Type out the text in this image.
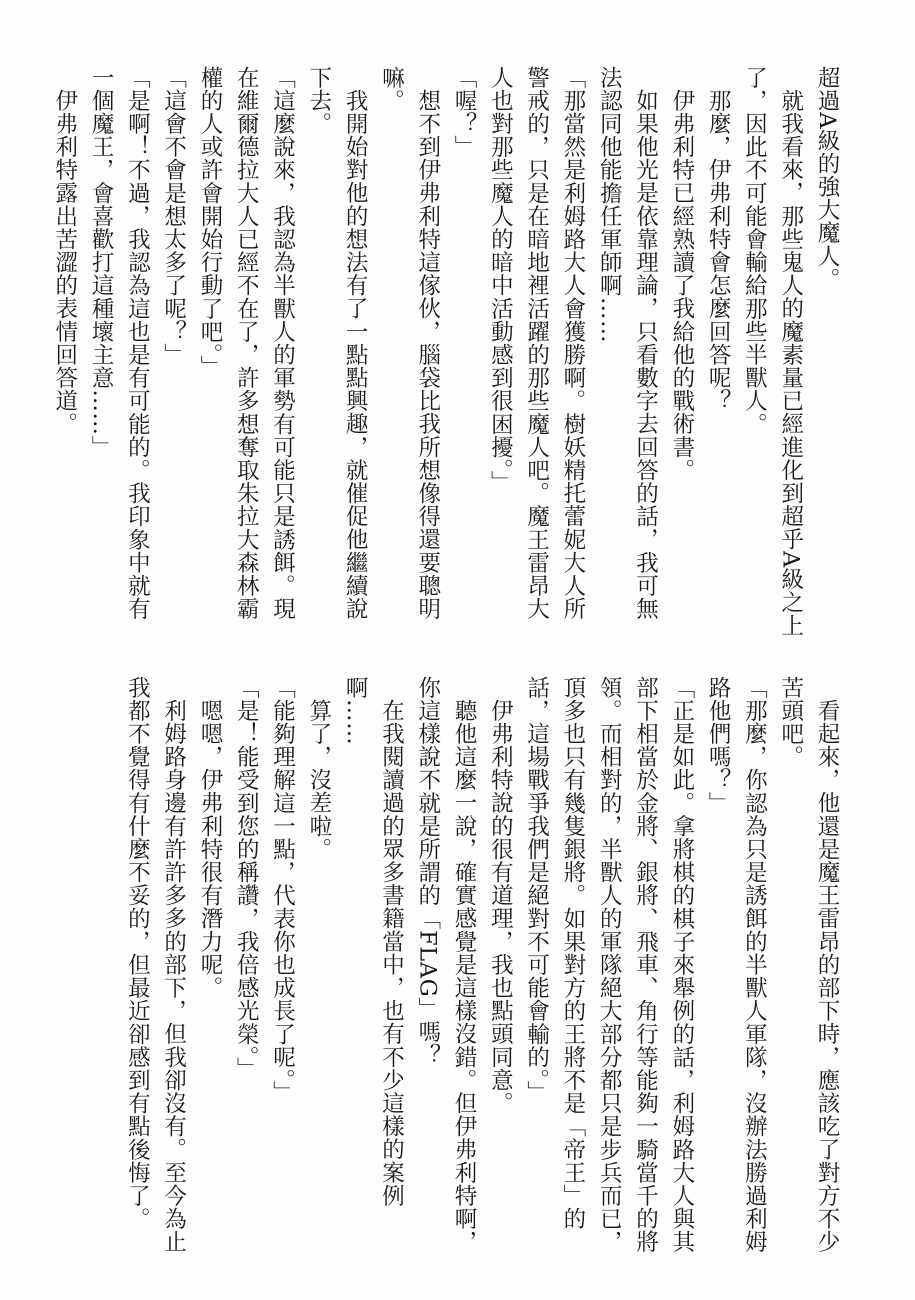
超過A級的強大魔人。

就我看來，那些鬼人的魔素量已經進化到超乎A級之上了，因此不可能會輸給那些半獸人。

那麼，伊弗利特會怎麼回答呢？

伊弗利特已經熟讀了我給他的戰術書。

如果他光是依靠理論，只看數字去回答的話，我可無法認同他能擔任軍師啊……

「那當然是利姆路大人會獲勝啊。樹妖精托蕾妮大人所警戒的，只是在暗地裡活躍的那些魔人吧。魔王雷昂大人也對那些魔人的暗中活動感到很困擾。」

「喔？」

想不到伊弗利特這傢伙，腦袋比我所想像得還要聰明嘛。

我開始對他的想法有了一點點興趣，就催促他繼續說下去。

「這麼說來，我認為半獸人的軍勢有可能只是誘餌。現在維爾德拉大人已經不在了，許多想奪取朱拉大森林霸權的人或許會開始行動了吧。」

「這會不會是想太多了呢？」

「是啊！不過，我認為這也是有可能的。我印象中就有一個魔王，會喜歡打這種壞主意……」

伊弗利特露出苦澀的表情回答道。

看起來，他還是魔王雷昂的部下時，應該吃了對方不少苦頭吧。

「那麼，你認為只是誘餌的半獸人軍隊，沒辦法勝過利姆路他們嗎？」

「正是如此。拿將棋的棋子來舉例的話，利姆路大人與其部下相當於金將、銀將、飛車、角行等能夠一騎當千的將領。而相對的，半獸人的軍隊絕大部分都只是步兵而已，頂多也只有幾隻銀將。如果對方的王將不是「帝王」的話，這場戰爭我們是絕對不可能會輸的。」

伊弗利特說的很有道理，我也點頭同意。

聽他這麼一說，確實感覺是這樣沒錯。但伊弗利特啊，你這樣說不就是所謂的「FLAG」嗎？

在我閱讀過的眾多書籍當中，也有不少這樣的案例啊……

算了，沒差啦。

「能夠理解這一點，代表你也成長了呢。」

「是！能受到您的稱讚，我倍感光榮。」

嗯嗯，伊弗利特很有潛力呢。

利姆路身邊有許許多多的部下，但我卻沒有。至今為止我都不覺得有什麼不妥的，但最近卻感到有點後悔了。
